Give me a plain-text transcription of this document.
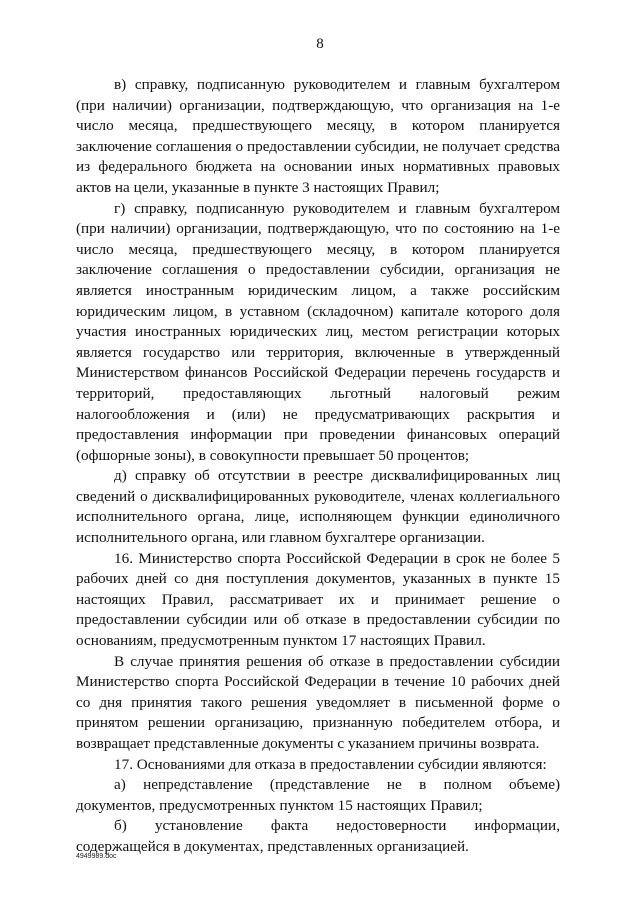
8

в) справку, подписанную руководителем и главным бухгалтером (при наличии) организации, подтверждающую, что организация на 1-е число месяца, предшествующего месяцу, в котором планируется заключение соглашения о предоставлении субсидии, не получает средства из федерального бюджета на основании иных нормативных правовых актов на цели, указанные в пункте 3 настоящих Правил;

г) справку, подписанную руководителем и главным бухгалтером (при наличии) организации, подтверждающую, что по состоянию на 1-е число месяца, предшествующего месяцу, в котором планируется заключение соглашения о предоставлении субсидии, организация не является иностранным юридическим лицом, а также российским юридическим лицом, в уставном (складочном) капитале которого доля участия иностранных юридических лиц, местом регистрации которых является государство или территория, включенные в утвержденный Министерством финансов Российской Федерации перечень государств и территорий, предоставляющих льготный налоговый режим налогообложения и (или) не предусматривающих раскрытия и предоставления информации при проведении финансовых операций (офшорные зоны), в совокупности превышает 50 процентов;

д) справку об отсутствии в реестре дисквалифицированных лиц сведений о дисквалифицированных руководителе, членах коллегиального исполнительного органа, лице, исполняющем функции единоличного исполнительного органа, или главном бухгалтере организации.

16. Министерство спорта Российской Федерации в срок не более 5 рабочих дней со дня поступления документов, указанных в пункте 15 настоящих Правил, рассматривает их и принимает решение о предоставлении субсидии или об отказе в предоставлении субсидии по основаниям, предусмотренным пунктом 17 настоящих Правил.

В случае принятия решения об отказе в предоставлении субсидии Министерство спорта Российской Федерации в течение 10 рабочих дней со дня принятия такого решения уведомляет в письменной форме о принятом решении организацию, признанную победителем отбора, и возвращает представленные документы с указанием причины возврата.

17. Основаниями для отказа в предоставлении субсидии являются:

а) непредставление (представление не в полном объеме) документов, предусмотренных пунктом 15 настоящих Правил;

б) установление факта недостоверности информации, содержащейся в документах, представленных организацией.

4949989.doc
